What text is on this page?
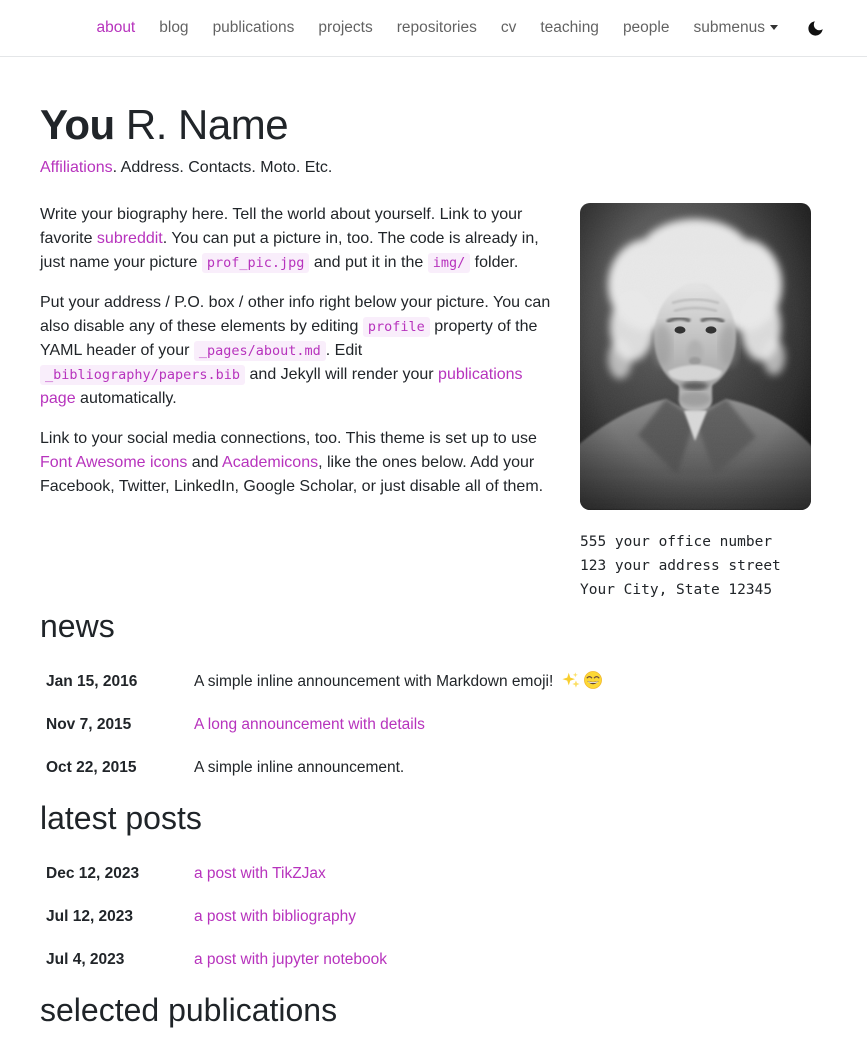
about	blog	publications	projects	repositories	cv	teaching	people	submenus
You R. Name

Affiliations. Address. Contacts. Moto. Etc.

555 your office number
123 your address street
Your City, State 12345

Write your biography here. Tell the world about yourself. Link to your favorite subreddit. You can put a picture in, too. The code is already in, just name your picture prof_pic.jpg and put it in the img/ folder.

Put your address / P.O. box / other info right below your picture. You can also disable any of these elements by editing profile property of the YAML header of your _pages/about.md . Edit _bibliography/papers.bib and Jekyll will render your publications page automatically.

Link to your social media connections, too. This theme is set up to use Font Awesome icons and Academicons, like the ones below. Add your Facebook, Twitter, LinkedIn, Google Scholar, or just disable all of them.

news
Jan 15, 2016	A simple inline announcement with Markdown emoji!
Nov 7, 2015	A long announcement with details
Oct 22, 2015	A simple inline announcement.
latest posts
Dec 12, 2023	a post with TikZJax
Jul 12, 2023	a post with bibliography
Jul 4, 2023	a post with jupyter notebook
selected publications
